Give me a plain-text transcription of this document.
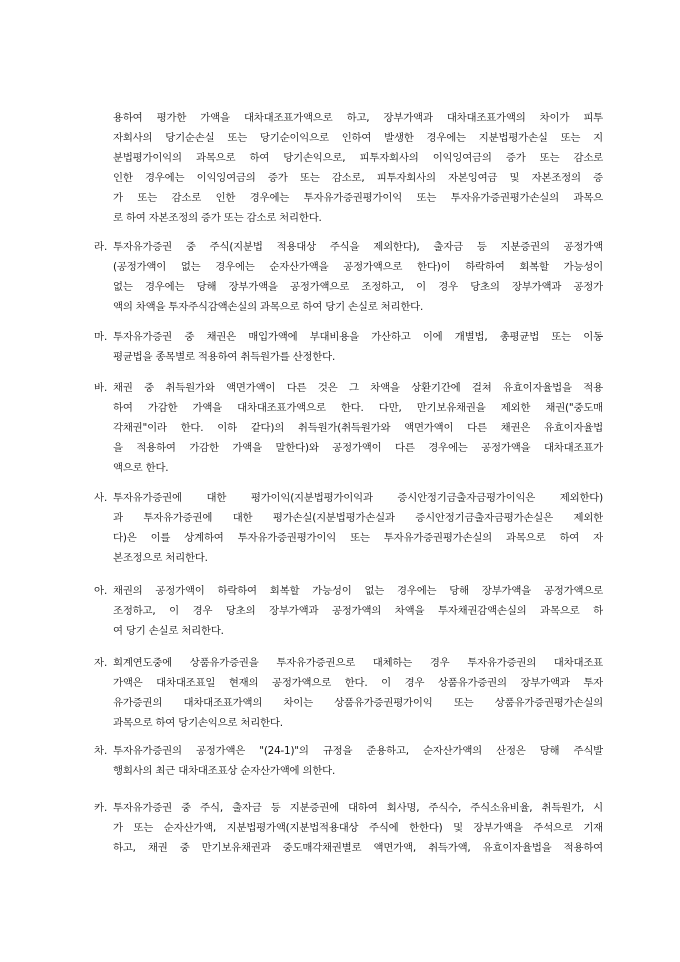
용하여 평가한 가액을 대차대조표가액으로 하고, 장부가액과 대차대조표가액의 차이가 피투
자회사의 당기순손실 또는 당기순이익으로 인하여 발생한 경우에는 지분법평가손실 또는 지
분법평가이익의 과목으로 하여 당기손익으로, 피투자회사의 이익잉여금의 증가 또는 감소로
인한 경우에는 이익잉여금의 증가 또는 감소로, 피투자회사의 자본잉여금 및 자본조정의 증
가 또는 감소로 인한 경우에는 투자유가증권평가이익 또는 투자유가증권평가손실의 과목으
로 하여 자본조정의 증가 또는 감소로 처리한다.
라. 투자유가증권 중 주식(지분법 적용대상 주식을 제외한다), 출자금 등 지분증권의 공정가액
(공정가액이 없는 경우에는 순자산가액을 공정가액으로 한다)이 하락하여 회복할 가능성이
없는 경우에는 당해 장부가액을 공정가액으로 조정하고, 이 경우 당초의 장부가액과 공정가
액의 차액을 투자주식감액손실의 과목으로 하여 당기 손실로 처리한다.
마. 투자유가증권 중 채권은 매입가액에 부대비용을 가산하고 이에 개별법, 총평균법 또는 이동
평균법을 종목별로 적용하여 취득원가를 산정한다.
바. 채권 중 취득원가와 액면가액이 다른 것은 그 차액을 상환기간에 걸쳐 유효이자율법을 적용
하여 가감한 가액을 대차대조표가액으로 한다. 다만, 만기보유채권을 제외한 채권("중도매
각채권"이라 한다. 이하 같다)의 취득원가(취득원가와 액면가액이 다른 채권은 유효이자율법
을 적용하여 가감한 가액을 말한다)와 공정가액이 다른 경우에는 공정가액을 대차대조표가
액으로 한다.
사. 투자유가증권에 대한 평가이익(지분법평가이익과 증시안정기금출자금평가이익은 제외한다)
과 투자유가증권에 대한 평가손실(지분법평가손실과 증시안정기금출자금평가손실은 제외한
다)은 이를 상계하여 투자유가증권평가이익 또는 투자유가증권평가손실의 과목으로 하여 자
본조정으로 처리한다.
아. 채권의 공정가액이 하락하여 회복할 가능성이 없는 경우에는 당해 장부가액을 공정가액으로
조정하고, 이 경우 당초의 장부가액과 공정가액의 차액을 투자채권감액손실의 과목으로 하
여 당기 손실로 처리한다.
자. 회계연도중에 상품유가증권을 투자유가증권으로 대체하는 경우 투자유가증권의 대차대조표
가액은 대차대조표일 현재의 공정가액으로 한다. 이 경우 상품유가증권의 장부가액과 투자
유가증권의 대차대조표가액의 차이는 상품유가증권평가이익 또는 상품유가증권평가손실의
과목으로 하여 당기손익으로 처리한다.
차. 투자유가증권의 공정가액은 "(24-1)"의 규정을 준용하고, 순자산가액의 산정은 당해 주식발
행회사의 최근 대차대조표상 순자산가액에 의한다.
카. 투자유가증권 중 주식, 출자금 등 지분증권에 대하여 회사명, 주식수, 주식소유비율, 취득원가, 시
가 또는 순자산가액, 지분법평가액(지분법적용대상 주식에 한한다) 및 장부가액을 주석으로 기재
하고, 채권 중 만기보유채권과 중도매각채권별로 액면가액, 취득가액, 유효이자율법을 적용하여
